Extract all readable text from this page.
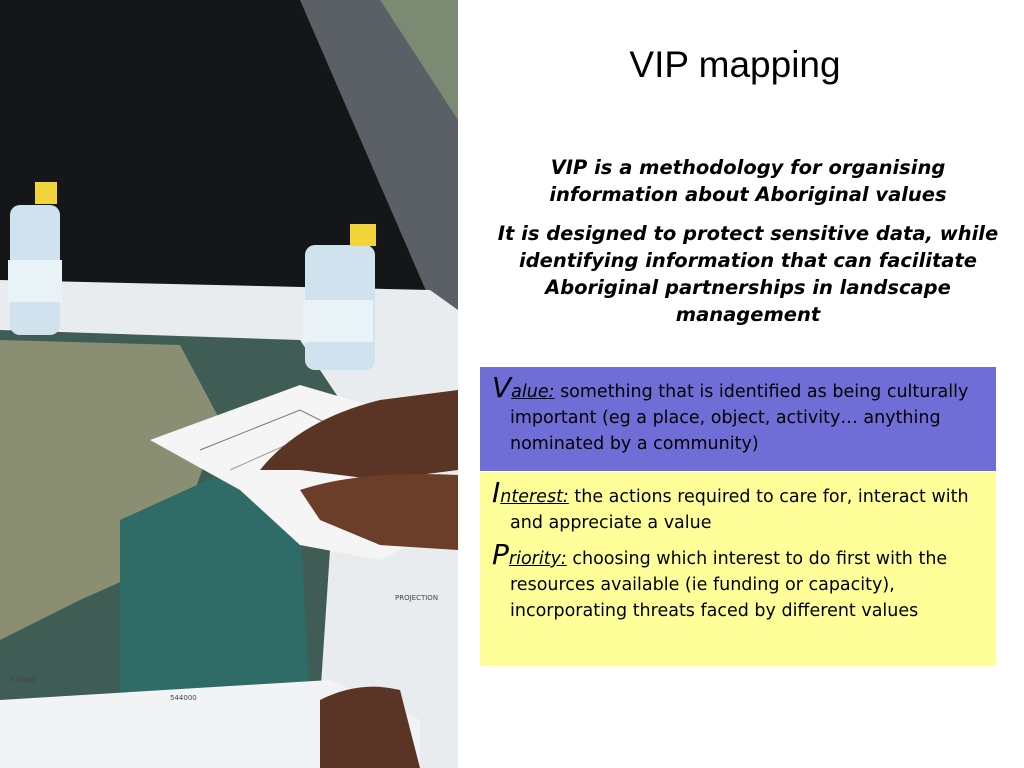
543000
544000
PROJECTION
VIP mapping

VIP is a methodology for organising information about Aboriginal values

It is designed to protect sensitive data, while identifying information that can facilitate Aboriginal partnerships in landscape management

Value: something that is identified as being culturally important (eg a place, object, activity… anything nominated by a community)
Interest: the actions required to care for, interact with and appreciate a value
Priority: choosing which interest to do first with the resources available (ie funding or capacity), incorporating threats faced by different values
